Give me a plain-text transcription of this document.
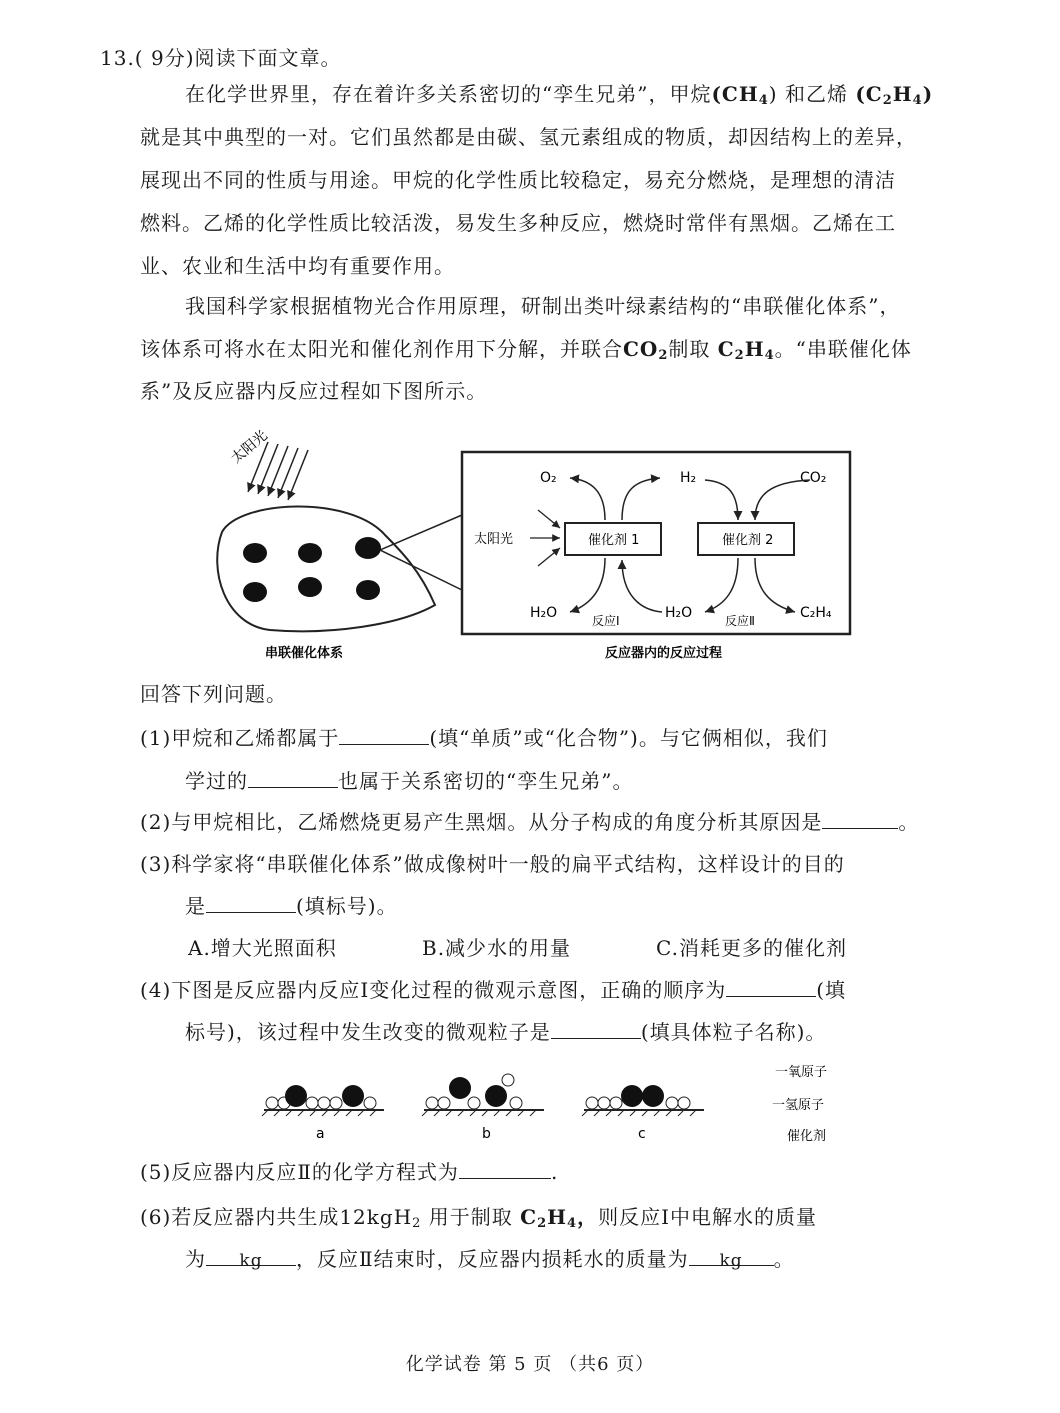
13.( 9分)阅读下面文章。
在化学世界里，存在着许多关系密切的“孪生兄弟”，甲烷$(CH_4)$ 和乙烯 $(C_2H_4)$
就是其中典型的一对。它们虽然都是由碳、氢元素组成的物质，却因结构上的差异，
展现出不同的性质与用途。甲烷的化学性质比较稳定，易充分燃烧，是理想的清洁
燃料。乙烯的化学性质比较活泼，易发生多种反应，燃烧时常伴有黑烟。乙烯在工
业、农业和生活中均有重要作用。
我国科学家根据植物光合作用原理，研制出类叶绿素结构的“串联催化体系”，
该体系可将水在太阳光和催化剂作用下分解，并联合$CO_2$制取 $C_2H_4$。“串联催化体
系”及反应器内反应过程如下图所示。
太阳光
O₂	H₂	CO₂
太阳光	催化剂 1	催化剂 2
H₂O	反应Ⅰ	H₂O	反应Ⅱ	C₂H₄
串联催化体系	反应器内的反应过程
回答下列问题。
(1)甲烷和乙烯都属于	(填“单质”或“化合物”)。与它俩相似，我们
学过的	也属于关系密切的“孪生兄弟”。
(2)与甲烷相比，乙烯燃烧更易产生黑烟。从分子构成的角度分析其原因是	。
(3)科学家将“串联催化体系”做成像树叶一般的扁平式结构，这样设计的目的
是	(填标号)。
A.增大光照面积	B.减少水的用量	C.消耗更多的催化剂
(4)下图是反应器内反应Ⅰ变化过程的微观示意图，正确的顺序为	(填
标号)，该过程中发生改变的微观粒子是	(填具体粒子名称)。
a	b	c
一氧原子
一氢原子
催化剂
(5)反应器内反应Ⅱ的化学方程式为	.
(6)若反应器内共生成12kgH$_2$ 用于制取 $C_2H_4$，则反应Ⅰ中电解水的质量
为 kg ，反应Ⅱ结束时，反应器内损耗水的质量为 kg 。
化学试卷 第 5 页 （共6 页）
